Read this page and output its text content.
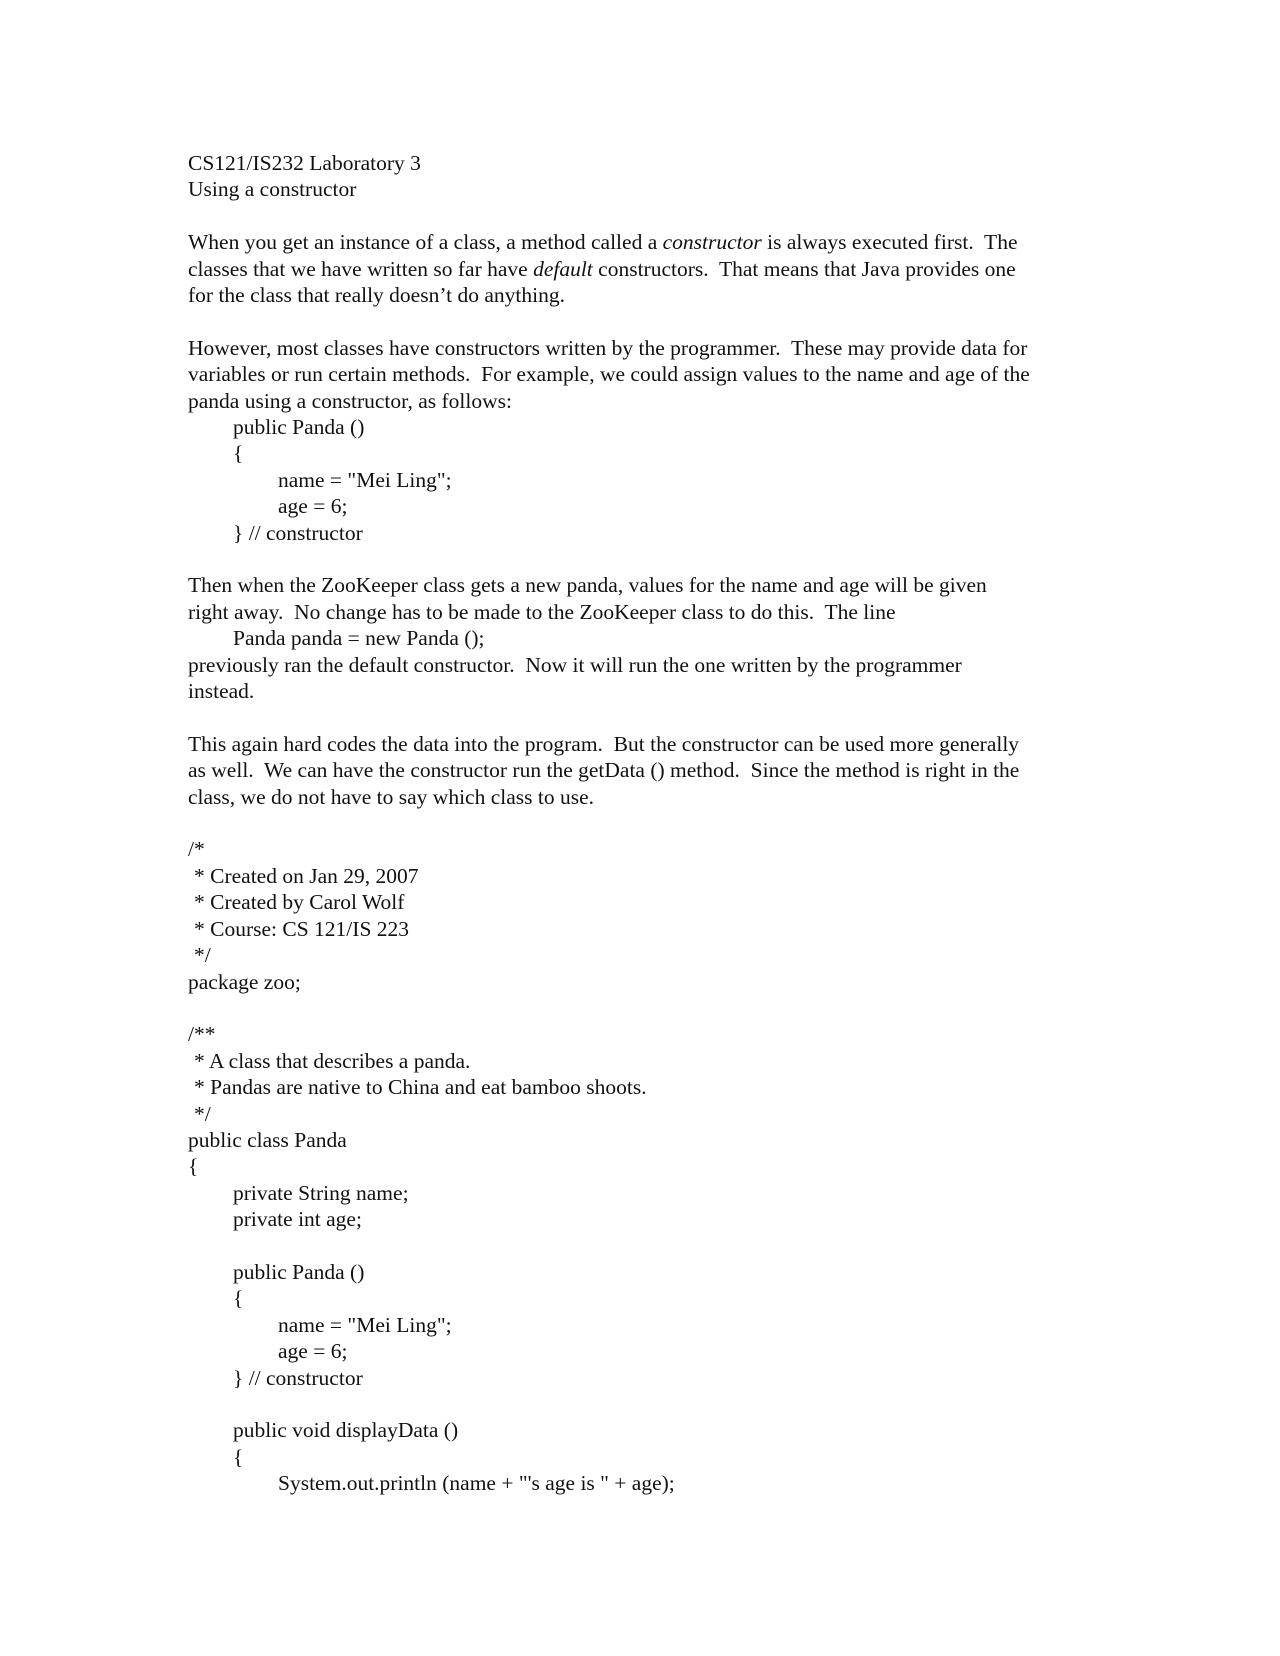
CS121/IS232 Laboratory 3
Using a constructor
When you get an instance of a class, a method called a constructor is always executed first.  The
classes that we have written so far have default constructors.  That means that Java provides one
for the class that really doesn’t do anything.
However, most classes have constructors written by the programmer.  These may provide data for
variables or run certain methods.  For example, we could assign values to the name and age of the
panda using a constructor, as follows:
public Panda ()
{
name = "Mei Ling";
age = 6;
} // constructor
Then when the ZooKeeper class gets a new panda, values for the name and age will be given
right away.  No change has to be made to the ZooKeeper class to do this.  The line
Panda panda = new Panda ();
previously ran the default constructor.  Now it will run the one written by the programmer
instead.
This again hard codes the data into the program.  But the constructor can be used more generally
as well.  We can have the constructor run the getData () method.  Since the method is right in the
class, we do not have to say which class to use.
/*
* Created on Jan 29, 2007
* Created by Carol Wolf
* Course: CS 121/IS 223
*/
package zoo;
/**
* A class that describes a panda.
* Pandas are native to China and eat bamboo shoots.
*/
public class Panda
{
private String name;
private int age;
public Panda ()
{
name = "Mei Ling";
age = 6;
} // constructor
public void displayData ()
{
System.out.println (name + "'s age is " + age);
